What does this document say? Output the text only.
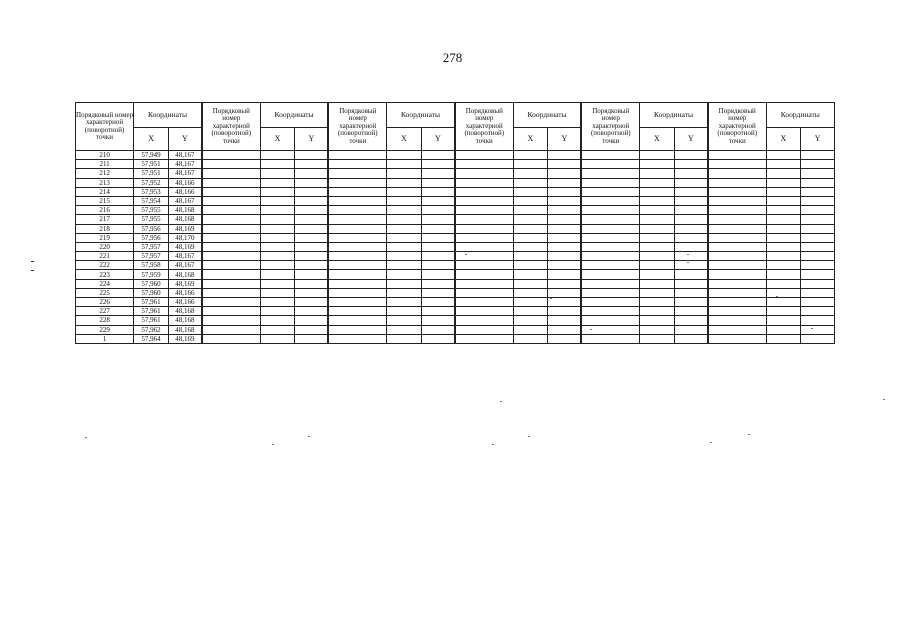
278
Порядковый номер характерной (поворотной) точки	Координаты		Порядковый номер характерной (поворотной) точки	Координаты		Порядковый номер характерной (поворотной) точки	Координаты		Порядковый номер характерной (поворотной) точки	Координаты		Порядковый номер характерной (поворотной) точки	Координаты		Порядковый номер характерной (поворотной) точки	Координаты	
	X	Y		X	Y		X	Y		X	Y		X	Y		X	Y
210	57,949	48,167															
211	57,951	48,167															
212	57,951	48,167															
213	57,952	48,166															
214	57,953	48,166															
215	57,954	48,167															
216	57,955	48,168															
217	57,955	48,168															
218	57,956	48,169															
219	57,956	48,170															
220	57,957	48,169															
221	57,957	48,167															
222	57,958	48,167															
223	57,959	48,168															
224	57,960	48,169															
225	57,960	48,166															
226	57,961	48,166															
227	57,961	48,168															
228	57,961	48,168															
229	57,962	48,168															
1	57,964	48,169															
